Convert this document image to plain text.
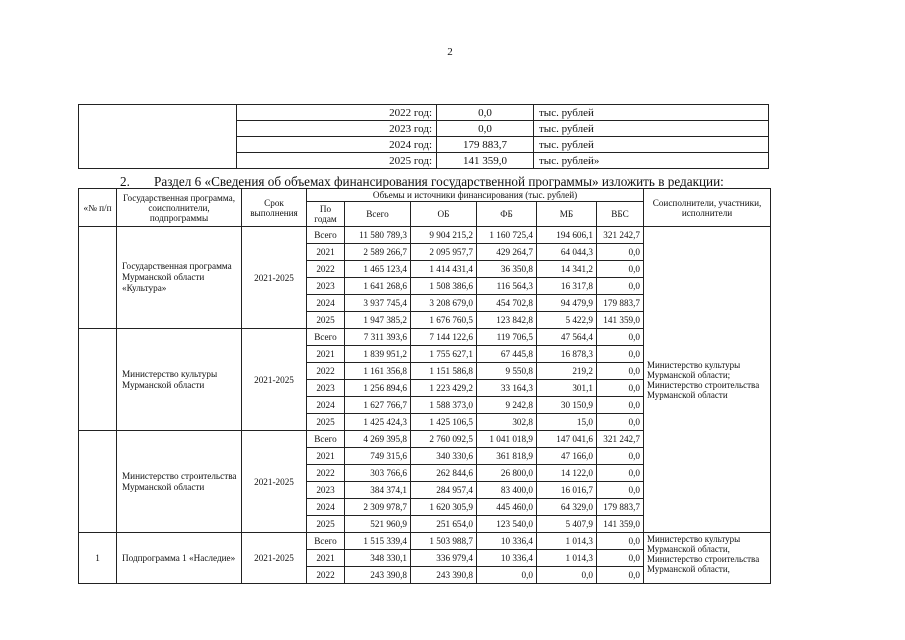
2
	2022 год:	0,0	тыс. рублей
	2023 год:	0,0	тыс. рублей
	2024 год:	179 883,7	тыс. рублей
	2025 год:	141 359,0	тыс. рублей»
2. Раздел 6 «Сведения об объемах финансирования государственной программы» изложить в редакции:
«№ п/п	Государственная программа, соисполнители, подпрограммы	Срок выполнения	Объемы и источники финансирования (тыс. рублей)						Соисполнители, участники, исполнители
			По годам	Всего	ОБ	ФБ	МБ	ВБС	

	Государственная программа Мурманской области «Культура»	2021-2025	Всего	11 580 789,3	9 904 215,2	1 160 725,4	194 606,1	321 242,7	Министерство культуры Мурманской области; Министерство строительства Мурманской области
			2021	2 589 266,7	2 095 957,7	429 264,7	64 044,3	0,0	
			2022	1 465 123,4	1 414 431,4	36 350,8	14 341,2	0,0	
			2023	1 641 268,6	1 508 386,6	116 564,3	16 317,8	0,0	
			2024	3 937 745,4	3 208 679,0	454 702,8	94 479,9	179 883,7	
			2025	1 947 385,2	1 676 760,5	123 842,8	5 422,9	141 359,0	
	Министерство культуры Мурманской области	2021-2025	Всего	7 311 393,6	7 144 122,6	119 706,5	47 564,4	0,0	
			2021	1 839 951,2	1 755 627,1	67 445,8	16 878,3	0,0	
			2022	1 161 356,8	1 151 586,8	9 550,8	219,2	0,0	
			2023	1 256 894,6	1 223 429,2	33 164,3	301,1	0,0	
			2024	1 627 766,7	1 588 373,0	9 242,8	30 150,9	0,0	
			2025	1 425 424,3	1 425 106,5	302,8	15,0	0,0	
	Министерство строительства Мурманской области	2021-2025	Всего	4 269 395,8	2 760 092,5	1 041 018,9	147 041,6	321 242,7	
			2021	749 315,6	340 330,6	361 818,9	47 166,0	0,0	
			2022	303 766,6	262 844,6	26 800,0	14 122,0	0,0	
			2023	384 374,1	284 957,4	83 400,0	16 016,7	0,0	
			2024	2 309 978,7	1 620 305,9	445 460,0	64 329,0	179 883,7	
			2025	521 960,9	251 654,0	123 540,0	5 407,9	141 359,0	
1	Подпрограмма 1 «Наследие»	2021-2025	Всего	1 515 339,4	1 503 988,7	10 336,4	1 014,3	0,0	Министерство культуры Мурманской области, Министерство строительства Мурманской области,
			2021	348 330,1	336 979,4	10 336,4	1 014,3	0,0	
			2022	243 390,8	243 390,8	0,0	0,0	0,0	
